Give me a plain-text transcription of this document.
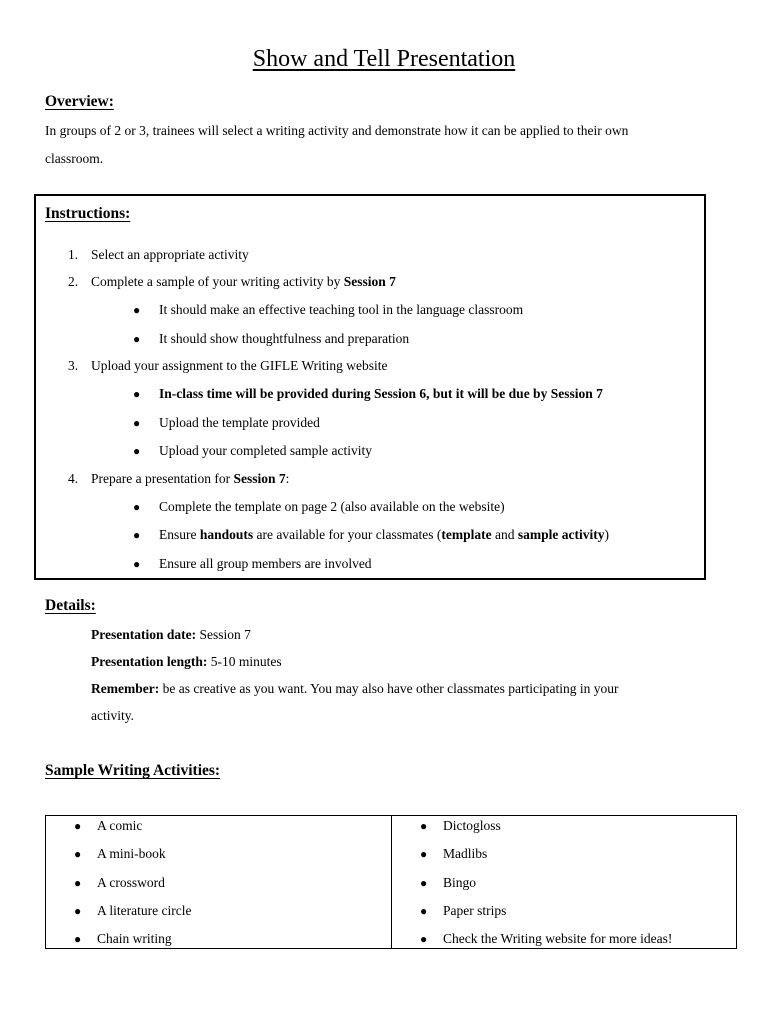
Show and Tell Presentation
Overview:
In groups of 2 or 3, trainees will select a writing activity and demonstrate how it can be applied to their own
classroom.
Instructions:
1. Select an appropriate activity
2. Complete a sample of your writing activity by Session 7
● It should make an effective teaching tool in the language classroom
● It should show thoughtfulness and preparation
3. Upload your assignment to the GIFLE Writing website
● In-class time will be provided during Session 6, but it will be due by Session 7
● Upload the template provided
● Upload your completed sample activity
4. Prepare a presentation for Session 7:
● Complete the template on page 2 (also available on the website)
● Ensure handouts are available for your classmates (template and sample activity)
● Ensure all group members are involved
Details:
Presentation date: Session 7
Presentation length: 5-10 minutes
Remember: be as creative as you want. You may also have other classmates participating in your
activity.
Sample Writing Activities:
● A comic
● A mini-book
● A crossword
● A literature circle
● Chain writing
● Dictogloss
● Madlibs
● Bingo
● Paper strips
● Check the Writing website for more ideas!
